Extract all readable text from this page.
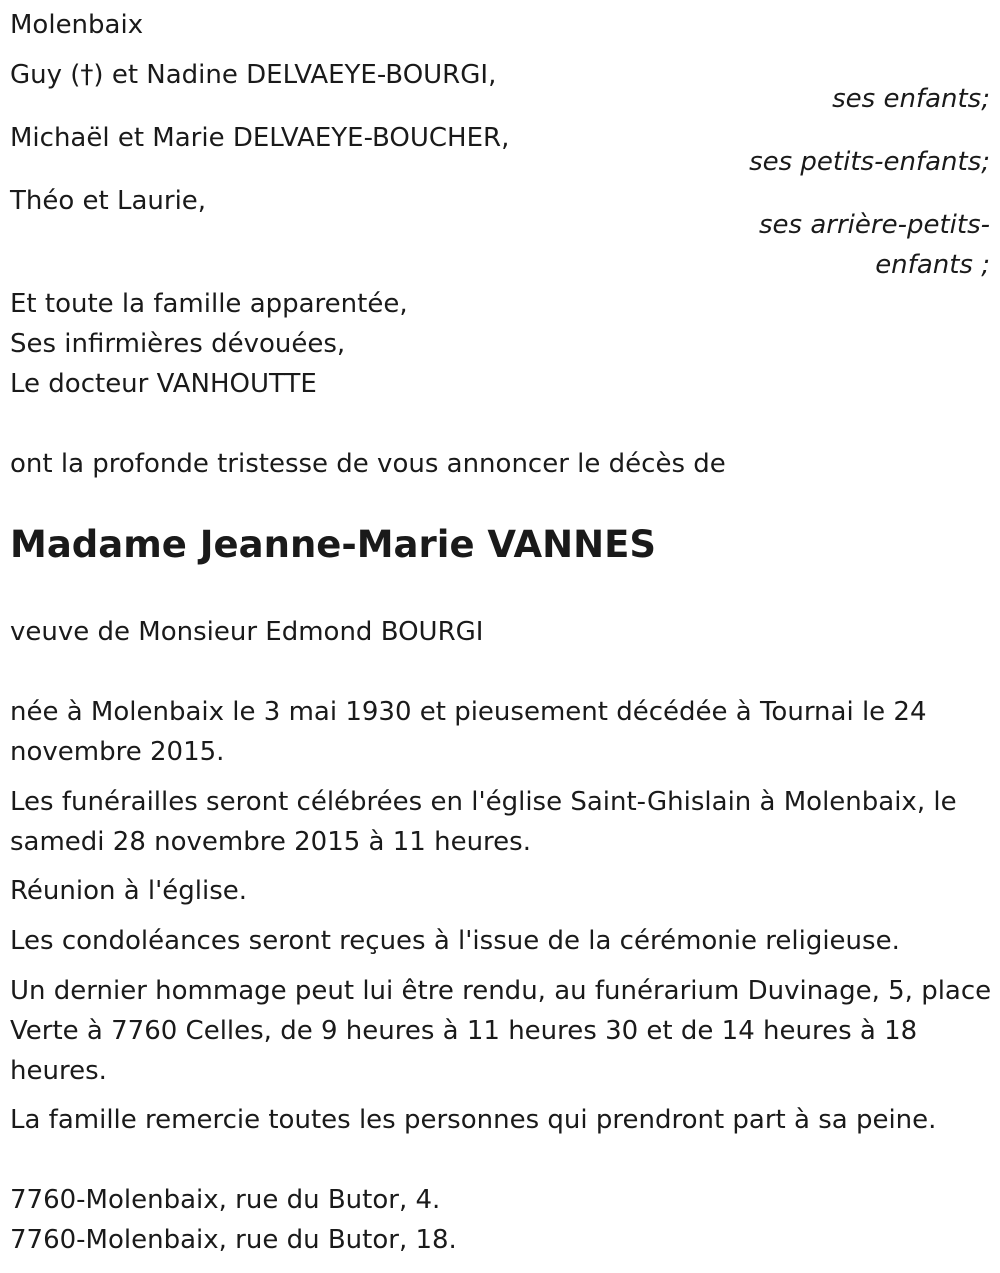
Molenbaix

Guy (†) et Nadine DELVAEYE-BOURGI,

ses enfants;

Michaël et Marie DELVAEYE-BOUCHER,

ses petits-enfants;

Théo et Laurie,

ses arrière-petits-

enfants ;

Et toute la famille apparentée,

Ses infirmières dévouées,

Le docteur VANHOUTTE

ont la profonde tristesse de vous annoncer le décès de

Madame Jeanne-Marie VANNES

veuve de Monsieur Edmond BOURGI

née à Molenbaix le 3 mai 1930 et pieusement décédée à Tournai le 24 novembre 2015.

Les funérailles seront célébrées en l'église Saint-Ghislain à Molenbaix, le samedi 28 novembre 2015 à 11 heures.

Réunion à l'église.

Les condoléances seront reçues à l'issue de la cérémonie religieuse.

Un dernier hommage peut lui être rendu, au funérarium Duvinage, 5, place Verte à 7760 Celles, de 9 heures à 11 heures 30 et de 14 heures à 18 heures.

La famille remercie toutes les personnes qui prendront part à sa peine.

7760-Molenbaix, rue du Butor, 4.

7760-Molenbaix, rue du Butor, 18.
